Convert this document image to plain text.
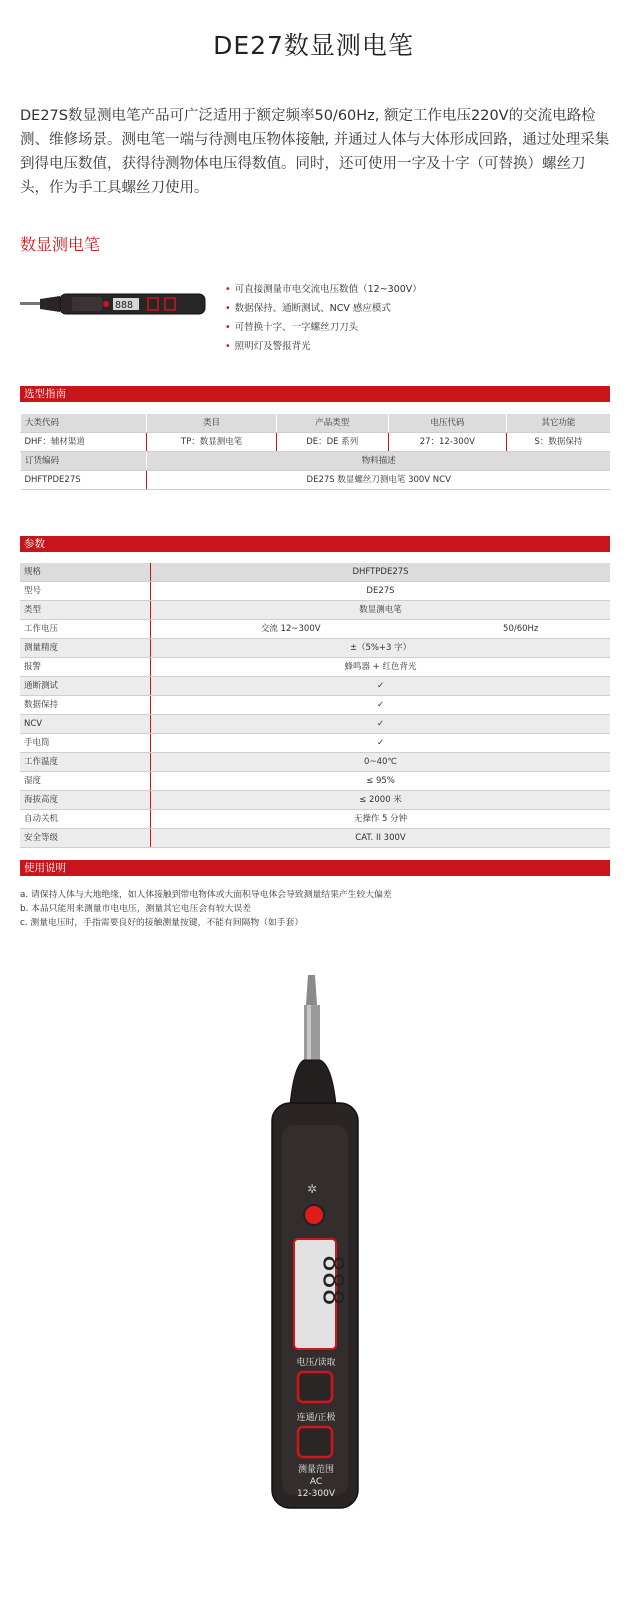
DE27数显测电笔
DE27S数显测电笔产品可广泛适用于额定频率50/60Hz, 额定工作电压220V的交流电路检测、维修场景。测电笔一端与待测电压物体接触, 并通过人体与大体形成回路，通过处理采集到得电压数值，获得待测物体电压得数值。同时，还可使用一字及十字（可替换）螺丝刀头，作为手工具螺丝刀使用。
数显测电笔
888
• 可直接测量市电交流电压数值（12~300V）
• 数据保持、通断测试、NCV 感应模式
• 可替换十字、一字螺丝刀刀头
• 照明灯及警报背光
选型指南
大类代码	类目	产品类型	电压代码	其它功能
DHF：辅材渠道	TP：数显测电笔	DE：DE 系列	27：12-300V	S：数据保持
订货编码	物料描述			
DHFTPDE27S	DE27S 数显螺丝刀测电笔 300V NCV			
参数
规格	DHFTPDE27S	
型号	DE27S	
类型	数显测电笔	
工作电压	交流 12~300V	50/60Hz
测量精度	±（5%+3 字）	
报警	蜂鸣器 + 红色背光	
通断测试	✓	
数据保持	✓	
NCV	✓	
手电筒	✓	
工作温度	0~40℃	
湿度	≤ 95%	
海拔高度	≤ 2000 米	
自动关机	无操作 5 分钟	
安全等级	CAT. II 300V	
使用说明
a. 请保持人体与大地绝缘，如人体接触到带电物体或大面积导电体会导致测量结果产生较大偏差
b. 本品只能用来测量市电电压，测量其它电压会有较大误差
c. 测量电压时，手指需要良好的接触测量按键，不能有间隔物（如手套）
✲
888
电压/读取
连通/正极
测量范围
AC
12-300V
